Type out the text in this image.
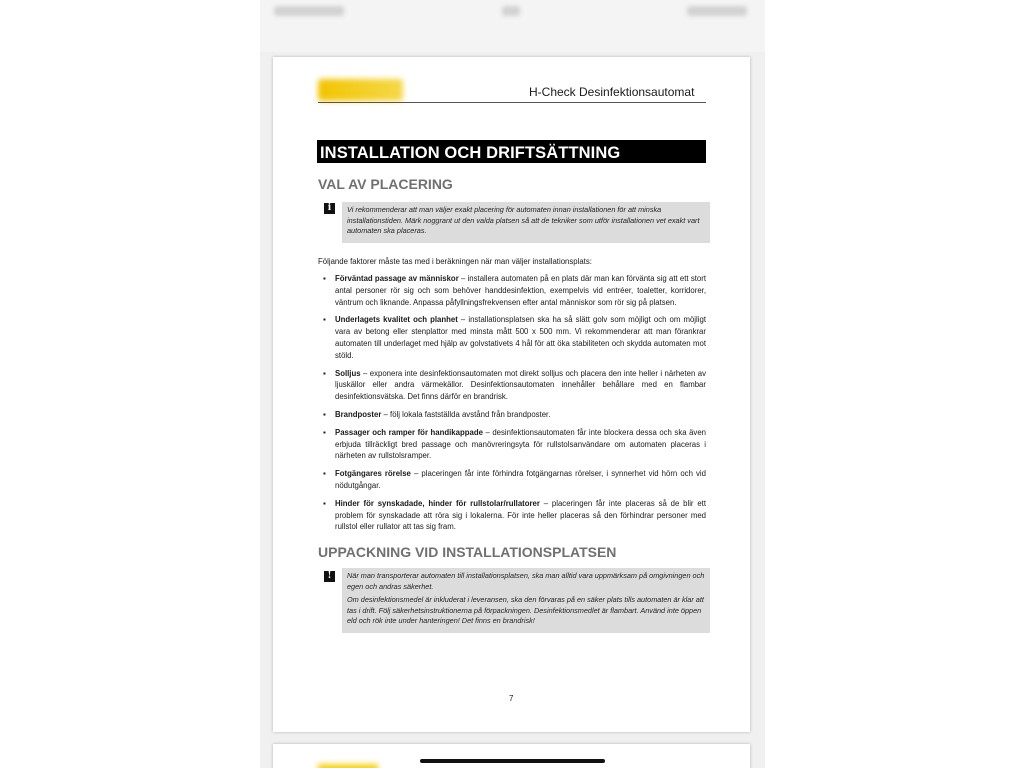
H-Check Desinfektionsautomat
INSTALLATION OCH DRIFTSÄTTNING
VAL AV PLACERING
i	Vi rekommenderar att man väljer exakt placering för automaten innan installationen för att minska installationstiden. Märk noggrant ut den valda platsen så att de tekniker som utför installationen vet exakt vart automaten ska placeras.

Följande faktorer måste tas med i beräkningen när man väljer installationsplats:
▪ Förväntad passage av människor – installera automaten på en plats där man kan förvänta sig att ett stort antal personer rör sig och som behöver handdesinfektion, exempelvis vid entréer, toaletter, korridorer, väntrum och liknande. Anpassa påfyllningsfrekvensen efter antal människor som rör sig på platsen.
▪ Underlagets kvalitet och planhet – installationsplatsen ska ha så slätt golv som möjligt och om möjligt vara av betong eller stenplattor med minsta mått 500 x 500 mm. Vi rekommenderar att man förankrar automaten till underlaget med hjälp av golvstativets 4 hål för att öka stabiliteten och skydda automaten mot stöld.
▪ Solljus – exponera inte desinfektionsautomaten mot direkt solljus och placera den inte heller i närheten av ljuskällor eller andra värmekällor. Desinfektionsautomaten innehåller behållare med en flambar desinfektionsvätska. Det finns därför en brandrisk.
▪ Brandposter – följ lokala fastställda avstånd från brandposter.
▪ Passager och ramper för handikappade – desinfektionsautomaten får inte blockera dessa och ska även erbjuda tillräckligt bred passage och manövreringsyta för rullstolsanvändare om automaten placeras i närheten av rullstolsramper.
▪ Fotgängares rörelse – placeringen får inte förhindra fotgängarnas rörelser, i synnerhet vid hörn och vid nödutgångar.
▪ Hinder för synskadade, hinder för rullstolar/rullatorer – placeringen får inte placeras så de blir ett problem för synskadade att röra sig i lokalerna. För inte heller placeras så den förhindrar personer med rullstol eller rullator att tas sig fram.
UPPACKNING VID INSTALLATIONSPLATSEN
!	När man transporterar automaten till installationsplatsen, ska man alltid vara uppmärksam på omgivningen och egen och andras säkerhet.

Om desinfektionsmedel är inkluderat i leveransen, ska den förvaras på en säker plats tills automaten är klar att tas i drift. Följ säkerhetsinstruktionerna på förpackningen. Desinfektionsmedlet är flambart. Använd inte öppen eld och rök inte under hanteringen! Det finns en brandrisk!

7
